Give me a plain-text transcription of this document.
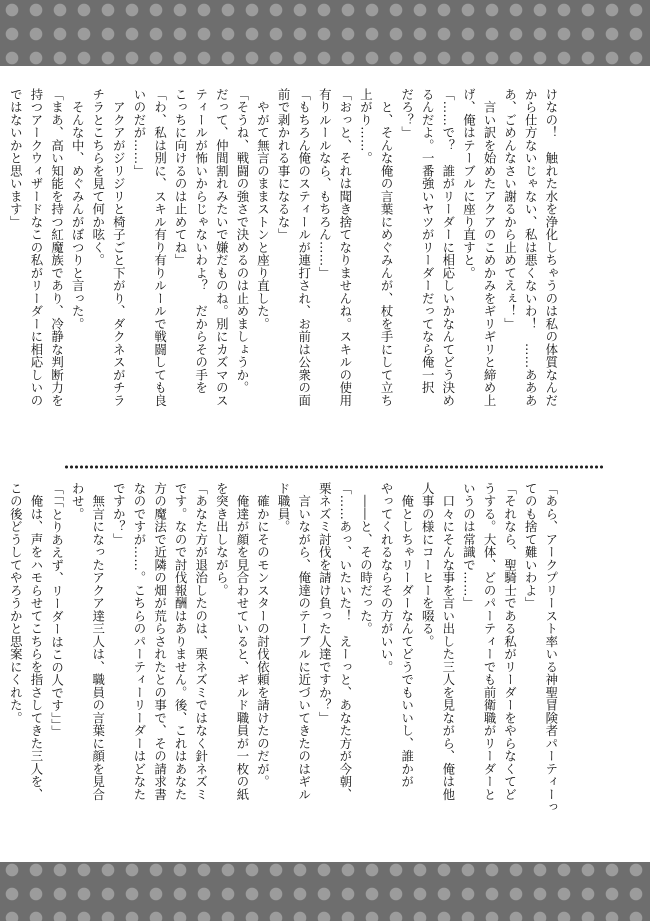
けなの！　触れた水を浄化しちゃうのは私の体質なんだ
から仕方ないじゃない、私は悪くないわ！　……あああ
あ、ごめんなさい謝るから止めてえぇ！」
　言い訳を始めたアクアのこめかみをギリギリと締め上
げ、俺はテーブルに座り直すと。
「……で？　誰がリーダーに相応しいかなんてどう決め
るんだよ。一番強いヤツがリーダーだってなら俺一択
だろ？」
　と、そんな俺の言葉にめぐみんが、杖を手にして立ち
上がり……。
「おっと、それは聞き捨てなりませんね。スキルの使用
有りルールなら、もちろん……」
「もちろん俺のスティールが連打され、お前は公衆の面
前で剥かれる事になるな」
　やがて無言のままストンと座り直した。
「そうね、戦闘の強さで決めるのは止めましょうか。
だって、仲間割れみたいで嫌だものね。別にカズマのス
ティールが怖いからじゃないわよ？　だからその手を
こっちに向けるのは止めてね」
「わ、私は別に、スキル有り有りルールで戦闘しても良
いのだが……」
　アクアがジリジリと椅子ごと下がり、ダクネスがチラ
チラとこちらを見て何か呟く。
　そんな中、めぐみんがぼつりと言った。
「まあ、高い知能を持つ紅魔族であり、冷静な判断力を
持つアークウィザードなこの私がリーダーに相応しいの
ではないかと思います」

「あら、アークプリースト率いる神聖冒険者パーティーっ
てのも捨て難いわよ」
「それなら、聖騎士である私がリーダーをやらなくてど
うする。大体、どのパーティーでも前衛職がリーダーと
いうのは常識で……」
　口々にそんな事を言い出した三人を見ながら、俺は他
人事の様にコーヒーを啜る。
　俺としちゃリーダーなんてどうでもいいし、誰かが
やってくれるならその方がいい。
　――と、その時だった。
「……あっ、いたいた！　えーっと、あなた方が今朝、
栗ネズミ討伐を請け負った人達ですか？」
　言いながら、俺達のテーブルに近づいてきたのはギル
ド職員。
　確かにそのモンスターの討伐依頼を請けたのだが。
　俺達が顔を見合わせていると、ギルド職員が一枚の紙
を突き出しながら。
「あなた方が退治したのは、栗ネズミではなく針ネズミ
です。なので討伐報酬はありません。後、これはあなた
方の魔法で近隣の畑が荒らされたとの事で、その請求書
なのですが……。こちらのパーティーリーダーはどなた
ですか？」
　無言になったアクア達三人は、職員の言葉に顔を見合
わせ。
「「「とりあえず、リーダーはこの人です」」」
　俺は、声をハモらせてこちらを指さしてきた三人を、
この後どうしてやろうかと思案にくれた。
